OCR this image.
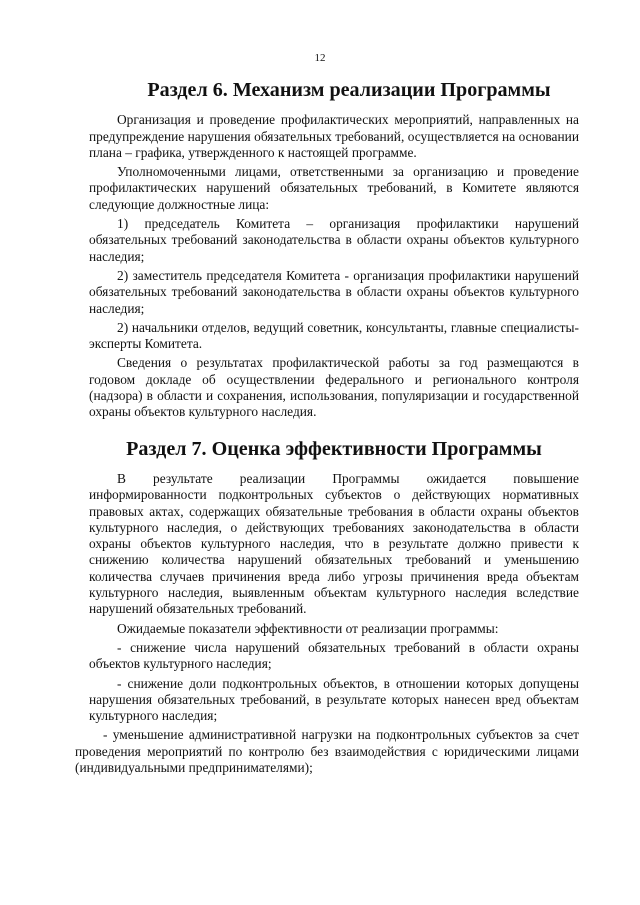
12
Раздел 6. Механизм реализации Программы

Организация и проведение профилактических мероприятий, направленных на предупреждение нарушения обязательных требований, осуществляется на основании плана – графика, утвержденного к настоящей программе.

Уполномоченными лицами, ответственными за организацию и проведение профилактических нарушений обязательных требований, в Комитете являются следующие должностные лица:

1) председатель Комитета – организация профилактики нарушений обязательных требований законодательства в области охраны объектов культурного наследия;

2) заместитель председателя Комитета - организация профилактики нарушений обязательных требований законодательства в области охраны объектов культурного наследия;

2) начальники отделов, ведущий советник, консультанты, главные специалисты-эксперты Комитета.

Сведения о результатах профилактической работы за год размещаются в годовом докладе об осуществлении федерального и регионального контроля (надзора) в области и сохранения, использования, популяризации и государственной охраны объектов культурного наследия.

Раздел 7. Оценка эффективности Программы

В результате реализации Программы ожидается повышение информированности подконтрольных субъектов о действующих нормативных правовых актах, содержащих обязательные требования в области охраны объектов культурного наследия, о действующих требованиях законодательства в области охраны объектов культурного наследия, что в результате должно привести к снижению количества нарушений обязательных требований и уменьшению количества случаев причинения вреда либо угрозы причинения вреда объектам культурного наследия, выявленным объектам культурного наследия вследствие нарушений обязательных требований.

Ожидаемые показатели эффективности от реализации программы:

- снижение числа нарушений обязательных требований в области охраны объектов культурного наследия;

- снижение доли подконтрольных объектов, в отношении которых допущены нарушения обязательных требований, в результате которых нанесен вред объектам культурного наследия;

- уменьшение административной нагрузки на подконтрольных субъектов за счет проведения мероприятий по контролю без взаимодействия с юридическими лицами (индивидуальными предпринимателями);
